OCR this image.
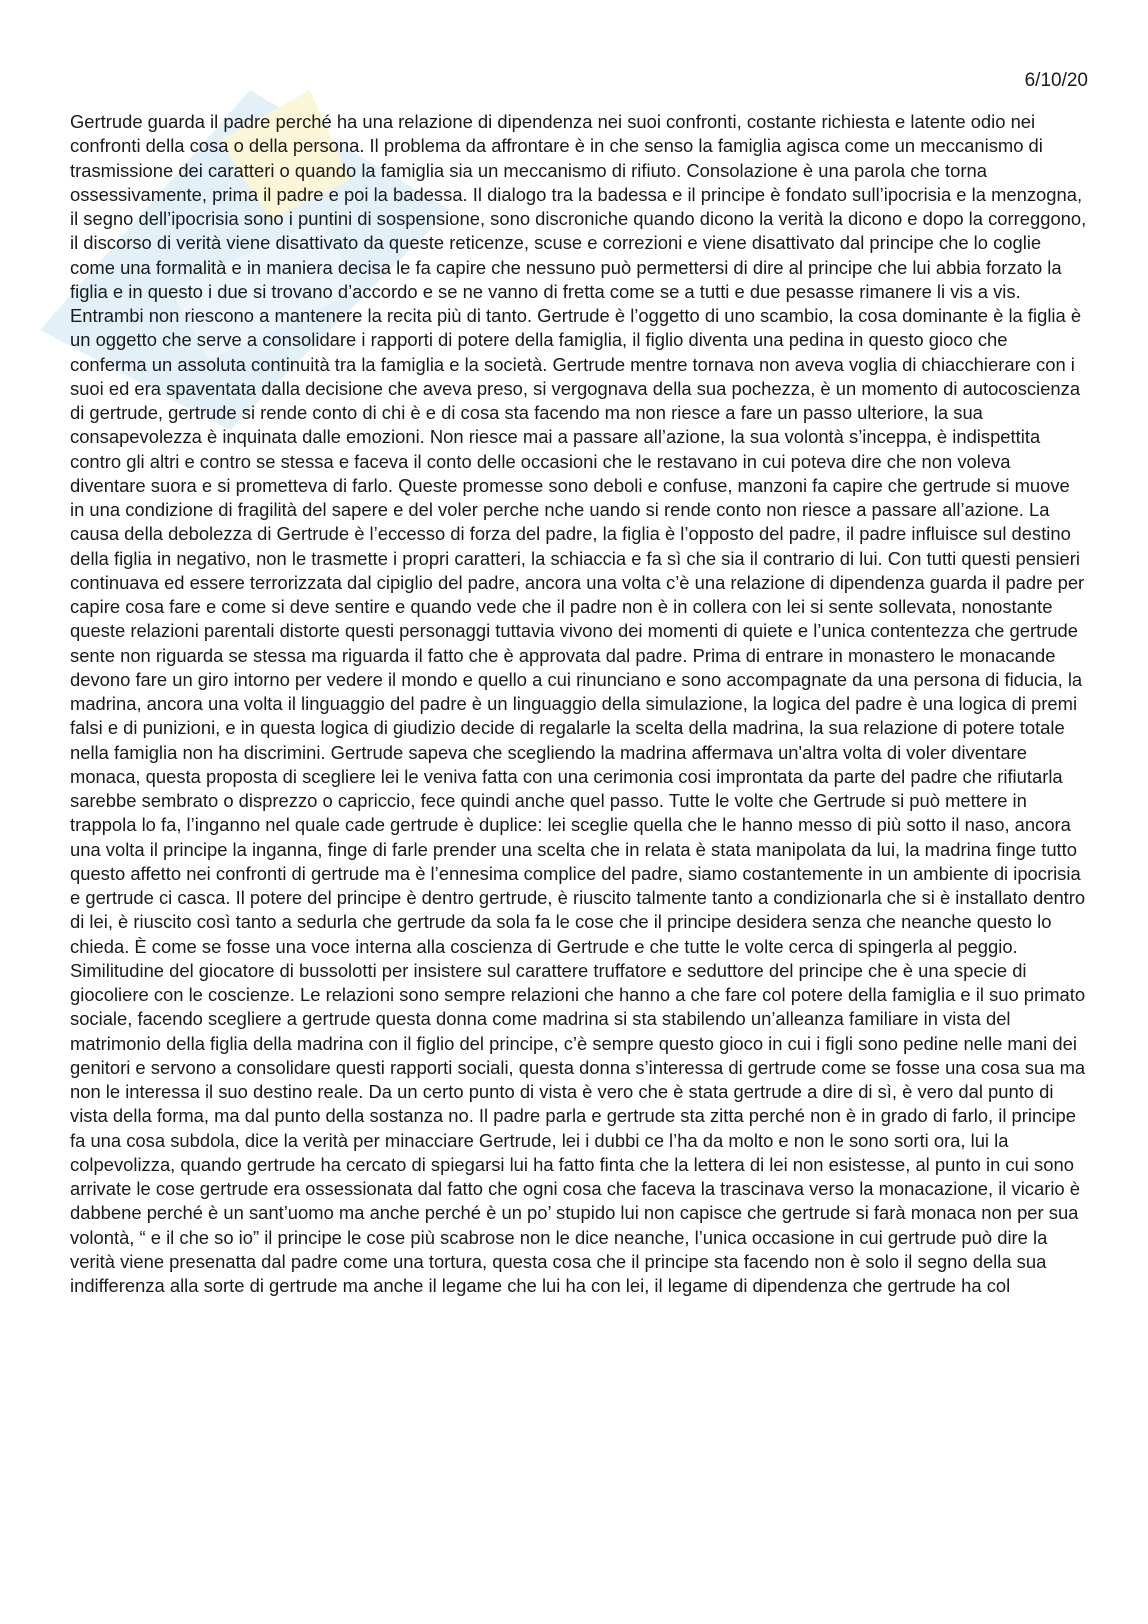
6/10/20

Gertrude guarda il padre perché ha una relazione di dipendenza nei suoi confronti, costante richiesta e latente odio nei confronti della cosa o della persona. Il problema da affrontare è in che senso la famiglia agisca come un meccanismo di trasmissione dei caratteri o quando la famiglia sia un meccanismo di rifiuto. Consolazione è una parola che torna ossessivamente, prima il padre e poi la badessa. Il dialogo tra la badessa e il principe è fondato sull’ipocrisia e la menzogna, il segno dell’ipocrisia sono i puntini di sospensione, sono discroniche quando dicono la verità la dicono e dopo la correggono, il discorso di verità viene disattivato da queste reticenze, scuse e correzioni e viene disattivato dal principe che lo coglie come una formalità e in maniera decisa le fa capire che nessuno può permettersi di dire al principe che lui abbia forzato la figlia e in questo i due si trovano d’accordo e se ne vanno di fretta come se a tutti e due pesasse rimanere li vis a vis. Entrambi non riescono a mantenere la recita più di tanto. Gertrude è l’oggetto di uno scambio, la cosa dominante è la figlia è un oggetto che serve a consolidare i rapporti di potere della famiglia, il figlio diventa una pedina in questo gioco che conferma un assoluta continuità tra la famiglia e la società. Gertrude mentre tornava non aveva voglia di chiacchierare con i suoi ed era spaventata dalla decisione che aveva preso, si vergognava della sua pochezza, è un momento di autocoscienza di gertrude, gertrude si rende conto di chi è e di cosa sta facendo ma non riesce a fare un passo ulteriore, la sua consapevolezza è inquinata dalle emozioni. Non riesce mai a passare all’azione, la sua volontà s’inceppa, è indispettita contro gli altri e contro se stessa e faceva il conto delle occasioni che le restavano in cui poteva dire che non voleva diventare suora e si prometteva di farlo. Queste promesse sono deboli e confuse, manzoni fa capire che gertrude si muove in una condizione di fragilità del sapere e del voler perche nche uando si rende conto non riesce a passare all’azione. La causa della debolezza di Gertrude è l’eccesso di forza del padre, la figlia è l’opposto del padre, il padre influisce sul destino della figlia in negativo, non le trasmette i propri caratteri, la schiaccia e fa sì che sia il contrario di lui. Con tutti questi pensieri continuava ed essere terrorizzata dal cipiglio del padre, ancora una volta c’è una relazione di dipendenza guarda il padre per capire cosa fare e come si deve sentire e quando vede che il padre non è in collera con lei si sente sollevata, nonostante queste relazioni parentali distorte questi personaggi tuttavia vivono dei momenti di quiete e l’unica contentezza che gertrude sente non riguarda se stessa ma riguarda il fatto che è approvata dal padre. Prima di entrare in monastero le monacande devono fare un giro intorno per vedere il mondo e quello a cui rinunciano e sono accompagnate da una persona di fiducia, la madrina, ancora una volta il linguaggio del padre è un linguaggio della simulazione, la logica del padre è una logica di premi falsi e di punizioni, e in questa logica di giudizio decide di regalarle la scelta della madrina, la sua relazione di potere totale nella famiglia non ha discrimini. Gertrude sapeva che scegliendo la madrina affermava un'altra volta di voler diventare monaca, questa proposta di scegliere lei le veniva fatta con una cerimonia cosi improntata da parte del padre che rifiutarla sarebbe sembrato o disprezzo o capriccio, fece quindi anche quel passo. Tutte le volte che Gertrude si può mettere in trappola lo fa, l’inganno nel quale cade gertrude è duplice: lei sceglie quella che le hanno messo di più sotto il naso, ancora una volta il principe la inganna, finge di farle prender una scelta che in relata è stata manipolata da lui, la madrina finge tutto questo affetto nei confronti di gertrude ma è l’ennesima complice del padre, siamo costantemente in un ambiente di ipocrisia e gertrude ci casca. Il potere del principe è dentro gertrude, è riuscito talmente tanto a condizionarla che si è installato dentro di lei, è riuscito così tanto a sedurla che gertrude da sola fa le cose che il principe desidera senza che neanche questo lo chieda. È come se fosse una voce interna alla coscienza di Gertrude e che tutte le volte cerca di spingerla al peggio. Similitudine del giocatore di bussolotti per insistere sul carattere truffatore e seduttore del principe che è una specie di giocoliere con le coscienze. Le relazioni sono sempre relazioni che hanno a che fare col potere della famiglia e il suo primato sociale, facendo scegliere a gertrude questa donna come madrina si sta stabilendo un’alleanza familiare in vista del matrimonio della figlia della madrina con il figlio del principe, c’è sempre questo gioco in cui i figli sono pedine nelle mani dei genitori e servono a consolidare questi rapporti sociali, questa donna s’interessa di gertrude come se fosse una cosa sua ma non le interessa il suo destino reale. Da un certo punto di vista è vero che è stata gertrude a dire di sì, è vero dal punto di vista della forma, ma dal punto della sostanza no. Il padre parla e gertrude sta zitta perché non è in grado di farlo, il principe fa una cosa subdola, dice la verità per minacciare Gertrude, lei i dubbi ce l’ha da molto e non le sono sorti ora, lui la colpevolizza, quando gertrude ha cercato di spiegarsi lui ha fatto finta che la lettera di lei non esistesse, al punto in cui sono arrivate le cose gertrude era ossessionata dal fatto che ogni cosa che faceva la trascinava verso la monacazione, il vicario è dabbene perché è un sant’uomo ma anche perché è un po’ stupido lui non capisce che gertrude si farà monaca non per sua volontà, “ e il che so io” il principe le cose più scabrose non le dice neanche, l’unica occasione in cui gertrude può dire la verità viene presenatta dal padre come una tortura, questa cosa che il principe sta facendo non è solo il segno della sua indifferenza alla sorte di gertrude ma anche il legame che lui ha con lei, il legame di dipendenza che gertrude ha col
